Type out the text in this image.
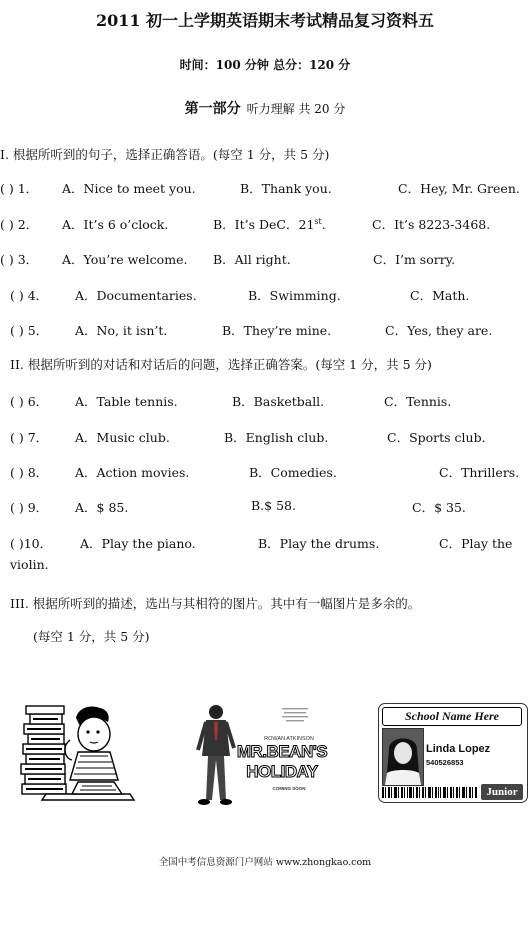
2011 初一上学期英语期末考试精品复习资料五
时间：100 分钟 总分：120 分
第一部分 听力理解 共 20 分
I. 根据所听到的句子，选择正确答语。(每空 1 分，共 5 分)
( ) 1． A．Nice to meet you.	B．Thank you.	C．Hey, Mr. Green.
( ) 2． A．It’s 6 o’clock.	B．It’s DeC．21st.	C．It’s 8223-3468.
( ) 3． A．You’re welcome. B．All right.	C．I’m sorry.
( ) 4． A．Documentaries.	B．Swimming.	C．Math.
( ) 5． A．No, it isn’t.	B．They’re mine.	C．Yes, they are.
II. 根据所听到的对话和对话后的问题，选择正确答案。(每空 1 分，共 5 分)
( ) 6． A．Table tennis.	B．Basketball.	C．Tennis.
( ) 7． A．Music club.	B．English club.	C．Sports club.
( ) 8． A．Action movies.	B．Comedies.	C．Thrillers.
( ) 9． A．$ 85.	B.$ 58.	C．$ 35.
( )10． A．Play the piano.	B．Play the drums.	C．Play the
violin.
III. 根据所听到的描述，选出与其相符的图片。其中有一幅图片是多余的。
(每空 1 分，共 5 分)
ROWAN ATKINSON
MR.BEAN'S
HOLIDAY
COMING SOON
School Name Here
Linda Lopez
540526853
Junior
全国中考信息资源门户网站 www.zhongkao.com
